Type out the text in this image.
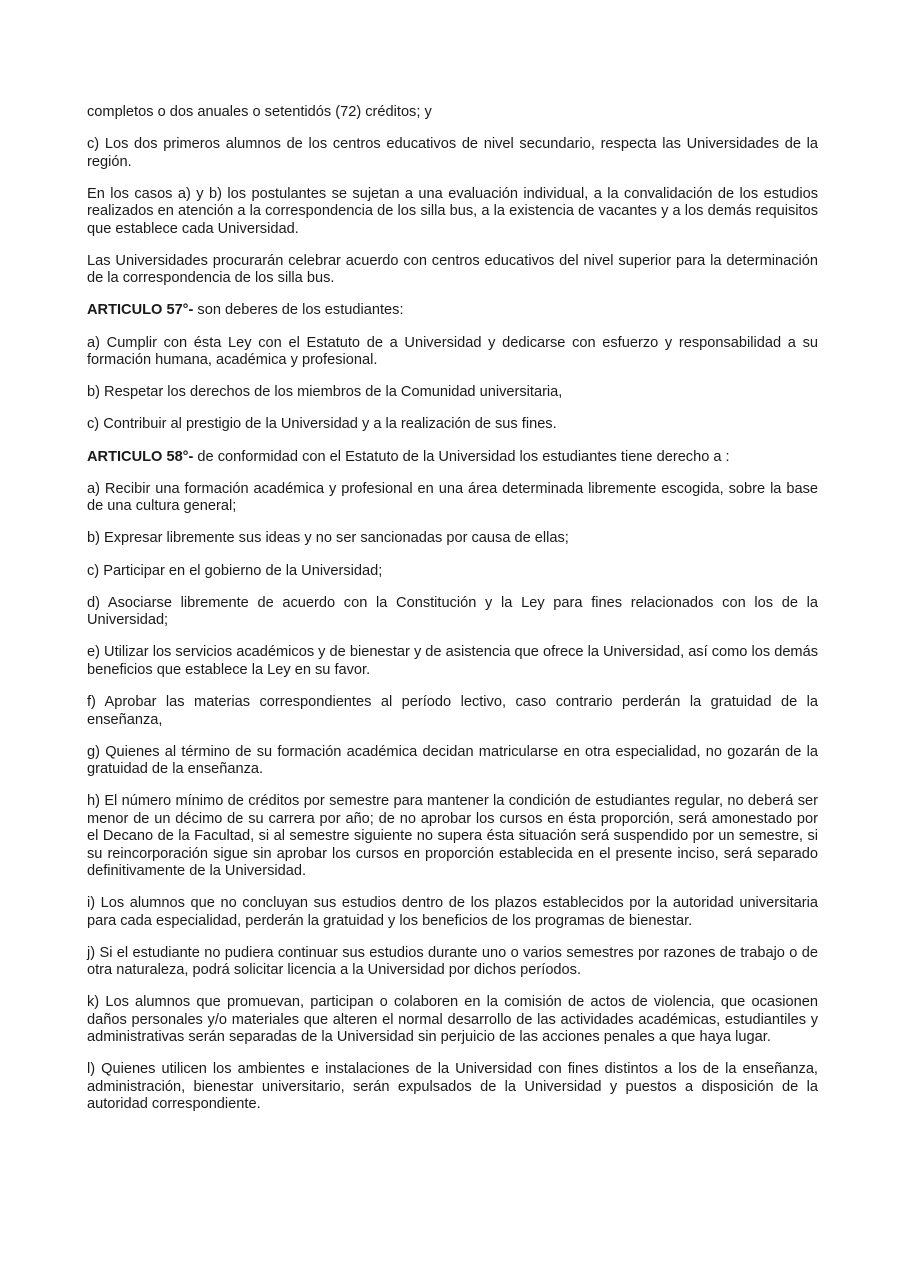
completos o dos anuales o setentidós (72) créditos; y

c) Los dos primeros alumnos de los centros educativos de nivel secundario, respecta las Universidades de la región.

En los casos a) y b) los postulantes se sujetan a una evaluación individual, a la convalidación de los estudios realizados en atención a la correspondencia de los silla bus, a la existencia de vacantes y a los demás requisitos que establece cada Universidad.

Las Universidades procurarán celebrar acuerdo con centros educativos del nivel superior para la determinación de la correspondencia de los silla bus.

ARTICULO 57°- son deberes de los estudiantes:

a) Cumplir con ésta Ley con el Estatuto de a Universidad y dedicarse con esfuerzo y responsabilidad a su formación humana, académica y profesional.

b) Respetar los derechos de los miembros de la Comunidad universitaria,

c) Contribuir al prestigio de la Universidad y a la realización de sus fines.

ARTICULO 58°- de conformidad con el Estatuto de la Universidad los estudiantes tiene derecho a :

a) Recibir una formación académica y profesional en una área determinada libremente escogida, sobre la base de una cultura general;

b) Expresar libremente sus ideas y no ser sancionadas por causa de ellas;

c) Participar en el gobierno de la Universidad;

d) Asociarse libremente de acuerdo con la Constitución y la Ley para fines relacionados con los de la Universidad;

e) Utilizar los servicios académicos y de bienestar y de asistencia que ofrece la Universidad, así como los demás beneficios que establece la Ley en su favor.

f) Aprobar las materias correspondientes al período lectivo, caso contrario perderán la gratuidad de la enseñanza,

g) Quienes al término de su formación académica decidan matricularse en otra especialidad, no gozarán de la gratuidad de la enseñanza.

h) El número mínimo de créditos por semestre para mantener la condición de estudiantes regular, no deberá ser menor de un décimo de su carrera por año; de no aprobar los cursos en ésta proporción, será amonestado por el Decano de la Facultad, si al semestre siguiente no supera ésta situación será suspendido por un semestre, si su reincorporación sigue sin aprobar los cursos en proporción establecida en el presente inciso, será separado definitivamente de la Universidad.

i) Los alumnos que no concluyan sus estudios dentro de los plazos establecidos por la autoridad universitaria para cada especialidad, perderán la gratuidad y los beneficios de los programas de bienestar.

j) Si el estudiante no pudiera continuar sus estudios durante uno o varios semestres por razones de trabajo o de otra naturaleza, podrá solicitar licencia a la Universidad por dichos períodos.

k) Los alumnos que promuevan, participan o colaboren en la comisión de actos de violencia, que ocasionen daños personales y/o materiales que alteren el normal desarrollo de las actividades académicas, estudiantiles y administrativas serán separadas de la Universidad sin perjuicio de las acciones penales a que haya lugar.

l) Quienes utilicen los ambientes e instalaciones de la Universidad con fines distintos a los de la enseñanza, administración, bienestar universitario, serán expulsados de la Universidad y puestos a disposición de la autoridad correspondiente.
